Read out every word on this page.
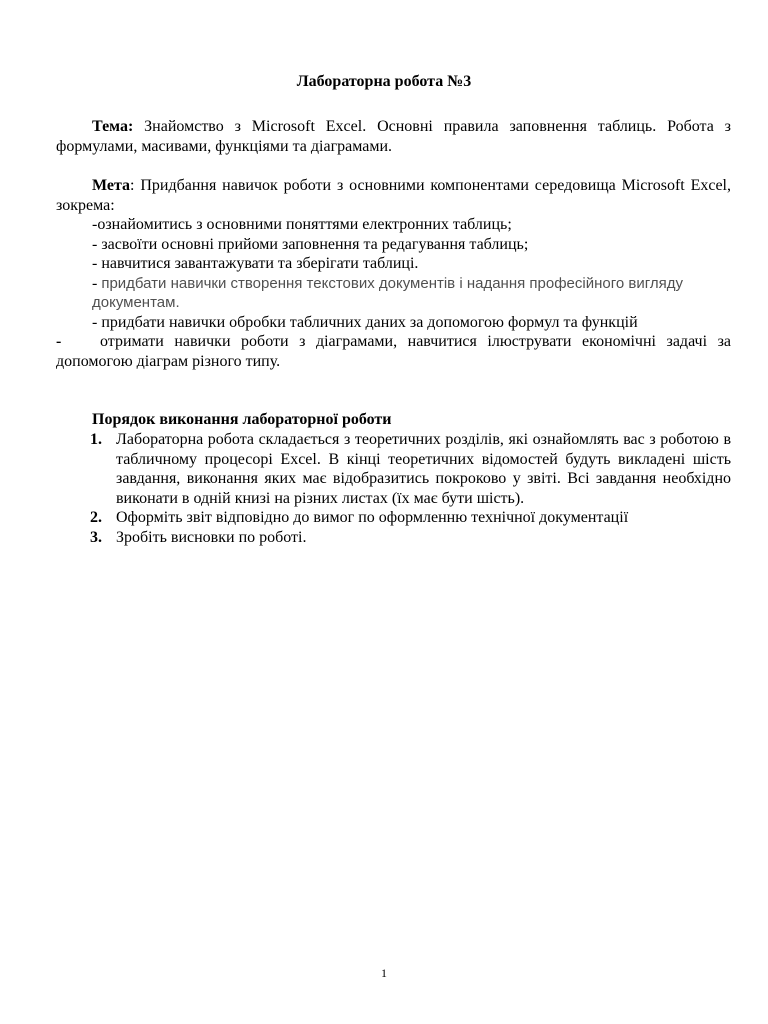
Лабораторна робота №3
Тема: Знайомство з Microsoft Excel. Основні правила заповнення таблиць. Робота з формулами, масивами, функціями та діаграмами.
Мета: Придбання навичок роботи з основними компонентами середовища Microsoft Excel, зокрема:
-ознайомитись з основними поняттями електронних таблиць;
- засвоїти основні прийоми заповнення та редагування таблиць;
- навчитися завантажувати та зберігати таблиці.
- придбати навички створення текстових документів і надання професійного вигляду документам.
- придбати навички обробки табличних даних за допомогою формул та функцій
- отримати навички роботи з діаграмами, навчитися ілюструвати економічні задачі за допомогою діаграм різного типу.
Порядок виконання лабораторної роботи
1. Лабораторна робота складається з теоретичних розділів, які ознайомлять вас з роботою в табличному процесорі Excel. В кінці теоретичних відомостей будуть викладені шість завдання, виконання яких має відобразитись покроково у звіті. Всі завдання необхідно виконати в одній книзі на різних листах (їх має бути шість).
2. Оформіть звіт відповідно до вимог по оформленню технічної документації
3. Зробіть висновки по роботі.
1
